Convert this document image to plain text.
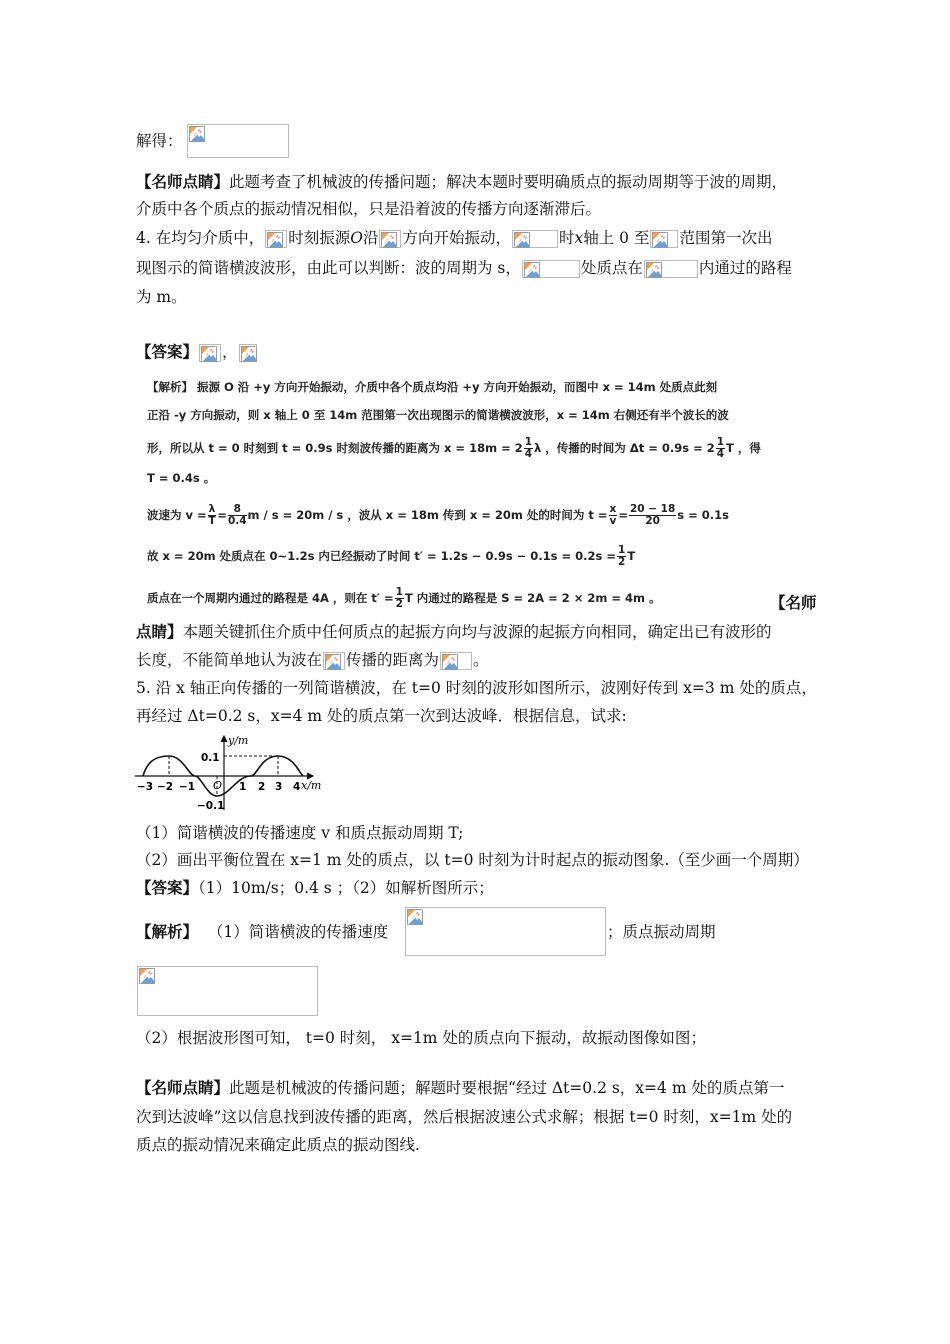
解得：
【名师点睛】此题考查了机械波的传播问题；解决本题时要明确质点的振动周期等于波的周期，
介质中各个质点的振动情况相似，只是沿着波的传播方向逐渐滞后。
4. 在均匀介质中， 时刻振源O沿 方向开始振动，	时x轴上 0 至 范围第一次出
现图示的简谐横波波形，由此可以判断：波的周期为 s，	处质点在	内通过的路程
为 m。
【答案】 ，
【解析】 振源 O 沿 +y 方向开始振动，介质中各个质点均沿 +y 方向开始振动，而图中 x = 14m 处质点此刻
正沿 -y 方向振动，则 x 轴上 0 至 14m 范围第一次出现图示的简谐横波波形，x = 14m 右侧还有半个波长的波
形，所以从 t = 0 时刻到 t = 0.9s 时刻波传播的距离为 $x = 18m = 2 \frac{1}{4}$ λ ，传播的时间为 $\Delta t = 0.9s = 2 \frac{1}{4}$ T ，得
T = 0.4s 。
波速为 $v = \frac{\lambda}{T} = \frac{8}{0.4}$ m / s = 20m / s ，波从 x = 18m 传到 x = 20m 处的时间为 $t = \frac{x}{v} = \frac{20 - 18}{20}$ s = 0.1s
故 x = 20m 处质点在 0~1.2s 内已经振动了时间 $t' = 1.2s - 0.9s - 0.1s = 0.2s = \frac{1}{2}$ T
质点在一个周期内通过的路程是 4A ，则在 $t' = \frac{1}{2}$ T 内通过的路程是 S = 2A = 2 × 2m = 4m 。	【名师
点睛】本题关键抓住介质中任何质点的起振方向均与波源的起振方向相同，确定出已有波形的
长度，不能简单地认为波在 传播的距离为 。
5. 沿 x 轴正向传播的一列简谐横波，在 t=0 时刻的波形如图所示，波刚好传到 x=3 m 处的质点，
再经过 Δt=0.2 s，x=4 m 处的质点第一次到达波峰．根据信息，试求:
y/m
x/m
0.1
−0.1
O
−3 −2 −1	1 2 3 4
（1）简谐横波的传播速度 v 和质点振动周期 T;
（2）画出平衡位置在 x=1 m 处的质点，以 t=0 时刻为计时起点的振动图象.（至少画一个周期）
【答案】（1）10m/s；0.4 s ；（2）如解析图所示；
【解析】 （1）简谐横波的传播速度	；质点振动周期
（2）根据波形图可知， t=0 时刻， x=1m 处的质点向下振动，故振动图像如图；
【名师点睛】此题是机械波的传播问题；解题时要根据“经过 Δt=0.2 s，x=4 m 处的质点第一
次到达波峰”这以信息找到波传播的距离，然后根据波速公式求解；根据 t=0 时刻，x=1m 处的
质点的振动情况来确定此质点的振动图线.
